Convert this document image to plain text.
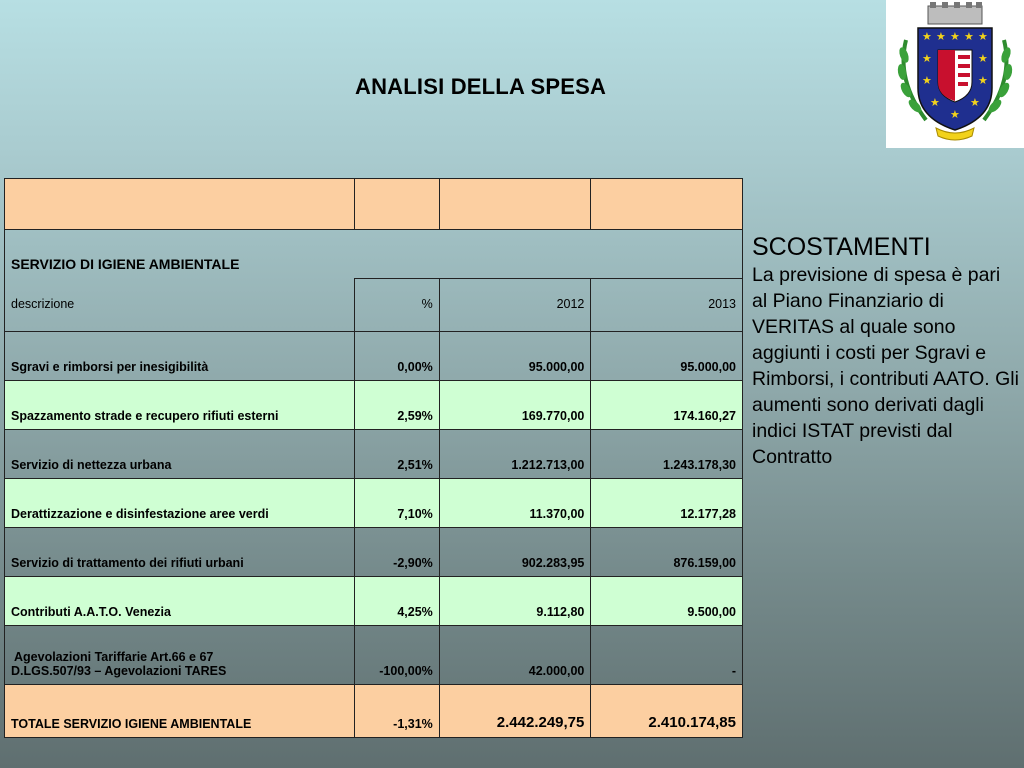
ANALISI DELLA SPESA
★ ★ ★ ★ ★
★	★
★	★
★	★
★

SERVIZIO DI IGIENE AMBIENTALE			
descrizione	%	2012	2013
Sgravi e rimborsi per inesigibilità	0,00%	95.000,00	95.000,00
Spazzamento strade e recupero rifiuti esterni	2,59%	169.770,00	174.160,27
Servizio di nettezza urbana	2,51%	1.212.713,00	1.243.178,30
Derattizzazione e disinfestazione aree verdi	7,10%	11.370,00	12.177,28
Servizio di trattamento dei rifiuti urbani	-2,90%	902.283,95	876.159,00
Contributi A.A.T.O. Venezia	4,25%	9.112,80	9.500,00
Agevolazioni Tariffarie Art.66 e 67
D.LGS.507/93 – Agevolazioni TARES	-100,00%	42.000,00	-
TOTALE SERVIZIO IGIENE AMBIENTALE	-1,31%	2.442.249,75	2.410.174,85
SCOSTAMENTI
La previsione di spesa è pari al Piano Finanziario di VERITAS al quale sono aggiunti i costi per Sgravi e Rimborsi, i contributi AATO. Gli aumenti sono derivati dagli indici ISTAT previsti dal Contratto
